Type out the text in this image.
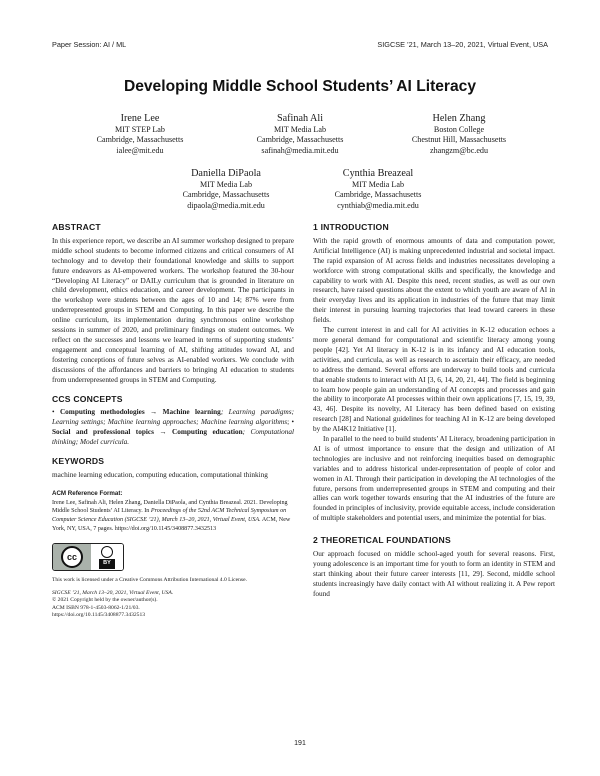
Paper Session: AI / ML	SIGCSE ’21, March 13–20, 2021, Virtual Event, USA
Developing Middle School Students’ AI Literacy
Irene Lee
MIT STEP Lab
Cambridge, Massachusetts
ialee@mit.edu
Safinah Ali
MIT Media Lab
Cambridge, Massachusetts
safinah@media.mit.edu
Helen Zhang
Boston College
Chestnut Hill, Massachusetts
zhangzm@bc.edu
Daniella DiPaola
MIT Media Lab
Cambridge, Massachusetts
dipaola@media.mit.edu
Cynthia Breazeal
MIT Media Lab
Cambridge, Massachusetts
cynthiab@media.mit.edu
ABSTRACT

In this experience report, we describe an AI summer workshop designed to prepare middle school students to become informed citizens and critical consumers of AI technology and to develop their foundational knowledge and skills to support future endeavors as AI-empowered workers. The workshop featured the 30-hour “Developing AI Literacy” or DAILy curriculum that is grounded in literature on child development, ethics education, and career development. The participants in the workshop were students between the ages of 10 and 14; 87% were from underrepresented groups in STEM and Computing. In this paper we describe the online curriculum, its implementation during synchronous online workshop sessions in summer of 2020, and preliminary findings on student outcomes. We reflect on the successes and lessons we learned in terms of supporting students’ engagement and conceptual learning of AI, shifting attitudes toward AI, and fostering conceptions of future selves as AI-enabled workers. We conclude with discussions of the affordances and barriers to bringing AI education to students from underrepresented groups in STEM and Computing.

CCS CONCEPTS

• Computing methodologies → Machine learning; Learning paradigms; Learning settings; Machine learning approaches; Machine learning algorithms; • Social and professional topics → Computing education; Computational thinking; Model curricula.

KEYWORDS

machine learning education, computing education, computational thinking

ACM Reference Format:
Irene Lee, Safinah Ali, Helen Zhang, Daniella DiPaola, and Cynthia Breazeal. 2021. Developing Middle School Students’ AI Literacy. In Proceedings of the 52nd ACM Technical Symposium on Computer Science Education (SIGCSE ’21), March 13–20, 2021, Virtual Event, USA. ACM, New York, NY, USA, 7 pages. https://doi.org/10.1145/3408877.3432513

cc
BY
This work is licensed under a Creative Commons Attribution International 4.0 License.
SIGCSE ’21, March 13–20, 2021, Virtual Event, USA.
© 2021 Copyright held by the owner/author(s).
ACM ISBN 978-1-4503-8062-1/21/03.
https://doi.org/10.1145/3408877.3432513
1 INTRODUCTION

With the rapid growth of enormous amounts of data and computation power, Artificial Intelligence (AI) is making unprecedented industrial and societal impact. The rapid expansion of AI across fields and industries necessitates developing a workforce with strong computational skills and specifically, the knowledge and capability to work with AI. Despite this need, recent studies, as well as our own research, have raised questions about the extent to which youth are aware of AI in their everyday lives and its application in industries of the future that may limit their interest in pursuing learning trajectories that lead toward careers in these fields.

The current interest in and call for AI activities in K-12 education echoes a more general demand for computational and scientific literacy among young people [42]. Yet AI literacy in K-12 is in its infancy and AI education tools, activities, and curricula, as well as research to ascertain their efficacy, are needed to address the demand. Several efforts are underway to build tools and curricula that enable students to interact with AI [3, 6, 14, 20, 21, 44]. The field is beginning to learn how people gain an understanding of AI concepts and processes and gain the ability to incorporate AI processes within their own applications [7, 15, 19, 39, 43, 46]. Despite its novelty, AI Literacy has been defined based on existing research [28] and National guidelines for teaching AI in K-12 are being developed by the AI4K12 Initiative [1].

In parallel to the need to build students’ AI Literacy, broadening participation in AI is of utmost importance to ensure that the design and utilization of AI technologies are inclusive and not reinforcing inequities based on demographic variables and to address historical under-representation of people of color and women in AI. Through their participation in developing the AI technologies of the future, persons from underrepresented groups in STEM and computing and their allies can work together towards ensuring that the AI industries of the future are founded in principles of inclusivity, provide equitable access, include consideration of multiple stakeholders and potential users, and minimize the potential for bias.

2 THEORETICAL FOUNDATIONS

Our approach focused on middle school-aged youth for several reasons. First, young adolescence is an important time for youth to form an identity in STEM and start thinking about their future career interests [11, 29]. Second, middle school students increasingly have daily contact with AI without realizing it. A Pew report found

191
